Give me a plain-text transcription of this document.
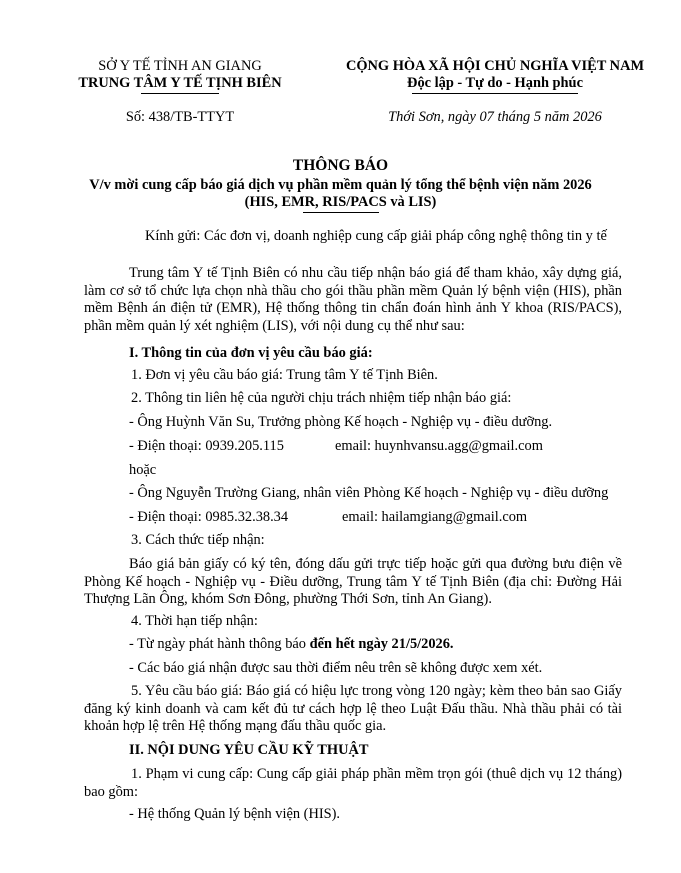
SỞ Y TẾ TỈNH AN GIANG
TRUNG TÂM Y TẾ TỊNH BIÊN
Số: 438/TB-TTYT
CỘNG HÒA XÃ HỘI CHỦ NGHĨA VIỆT NAM
Độc lập - Tự do - Hạnh phúc
Thới Sơn, ngày 07 tháng 5 năm 2026
THÔNG BÁO
V/v mời cung cấp báo giá dịch vụ phần mềm quản lý tổng thể bệnh viện năm 2026
(HIS, EMR, RIS/PACS và LIS)
Kính gửi: Các đơn vị, doanh nghiệp cung cấp giải pháp công nghệ thông tin y tế
Trung tâm Y tế Tịnh Biên có nhu cầu tiếp nhận báo giá để tham khảo, xây dựng giá, làm cơ sở tổ chức lựa chọn nhà thầu cho gói thầu phần mềm Quản lý bệnh viện (HIS), phần mềm Bệnh án điện tử (EMR), Hệ thống thông tin chẩn đoán hình ảnh Y khoa (RIS/PACS), phần mềm quản lý xét nghiệm (LIS), với nội dung cụ thể như sau:
I. Thông tin của đơn vị yêu cầu báo giá:
1. Đơn vị yêu cầu báo giá: Trung tâm Y tế Tịnh Biên.
2. Thông tin liên hệ của người chịu trách nhiệm tiếp nhận báo giá:
- Ông Huỳnh Văn Su, Trưởng phòng Kế hoạch - Nghiệp vụ - điều dưỡng.
- Điện thoại: 0939.205.115	email: huynhvansu.agg@gmail.com
hoặc
- Ông Nguyễn Trường Giang, nhân viên Phòng Kế hoạch - Nghiệp vụ - điều dưỡng
- Điện thoại: 0985.32.38.34	email: hailamgiang@gmail.com
3. Cách thức tiếp nhận:
Báo giá bản giấy có ký tên, đóng dấu gửi trực tiếp hoặc gửi qua đường bưu điện về Phòng Kế hoạch - Nghiệp vụ - Điều dưỡng, Trung tâm Y tế Tịnh Biên (địa chỉ: Đường Hải Thượng Lãn Ông, khóm Sơn Đông, phường Thới Sơn, tỉnh An Giang).
4. Thời hạn tiếp nhận:
- Từ ngày phát hành thông báo đến hết ngày 21/5/2026.
- Các báo giá nhận được sau thời điểm nêu trên sẽ không được xem xét.
5. Yêu cầu báo giá: Báo giá có hiệu lực trong vòng 120 ngày; kèm theo bản sao Giấy đăng ký kinh doanh và cam kết đủ tư cách hợp lệ theo Luật Đấu thầu. Nhà thầu phải có tài khoản hợp lệ trên Hệ thống mạng đấu thầu quốc gia.
II. NỘI DUNG YÊU CẦU KỸ THUẬT
1. Phạm vi cung cấp: Cung cấp giải pháp phần mềm trọn gói (thuê dịch vụ 12 tháng) bao gồm:
- Hệ thống Quản lý bệnh viện (HIS).
